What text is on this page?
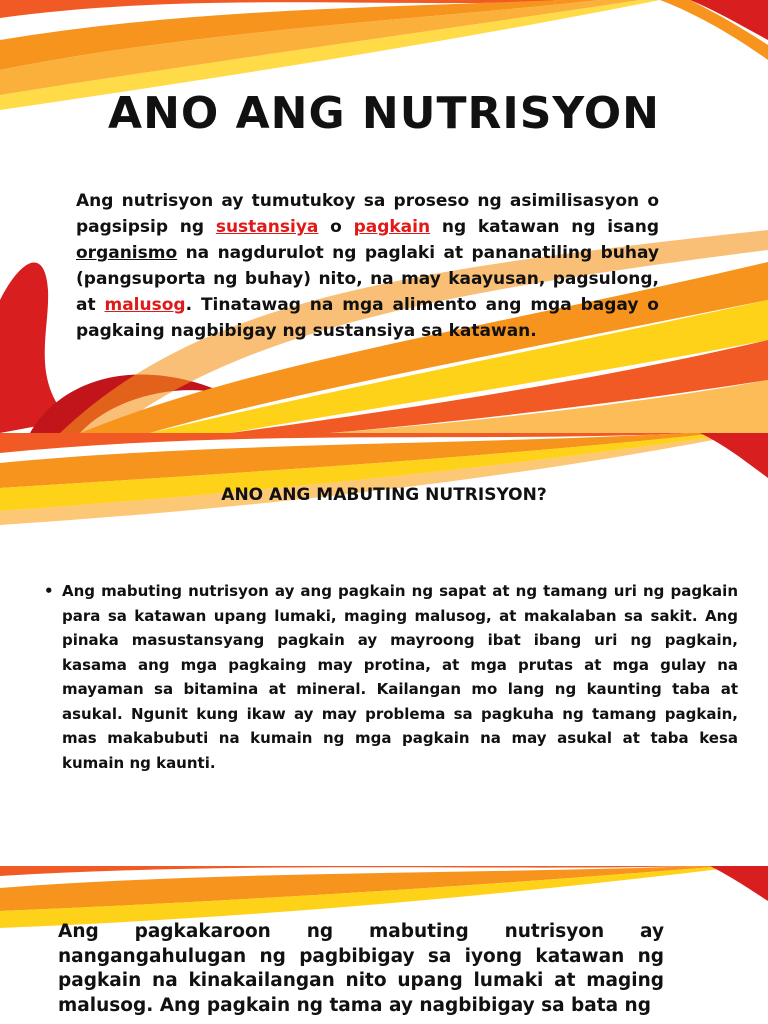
ANO ANG NUTRISYON

Ang nutrisyon ay tumutukoy sa proseso ng asimilisasyon o pagsipsip ng sustansiya o pagkain ng katawan ng isang organismo na nagdurulot ng paglaki at pananatiling buhay (pangsuporta ng buhay) nito, na may kaayusan, pagsulong, at malusog. Tinatawag na mga alimento ang mga bagay o pagkaing nagbibigay ng sustansiya sa katawan.

ANO ANG MABUTING NUTRISYON?
• Ang mabuting nutrisyon ay ang pagkain ng sapat at ng tamang uri ng pagkain para sa katawan upang lumaki, maging malusog, at makalaban sa sakit. Ang pinaka masustansyang pagkain ay mayroong ibat ibang uri ng pagkain, kasama ang mga pagkaing may protina, at mga prutas at mga gulay na mayaman sa bitamina at mineral. Kailangan mo lang ng kaunting taba at asukal. Ngunit kung ikaw ay may problema sa pagkuha ng tamang pagkain, mas makabubuti na kumain ng mga pagkain na may asukal at taba kesa kumain ng kaunti.

Ang pagkakaroon ng mabuting nutrisyon ay nangangahulugan ng pagbibigay sa iyong katawan ng pagkain na kinakailangan nito upang lumaki at maging malusog. Ang pagkain ng tama ay nagbibigay sa bata ng
